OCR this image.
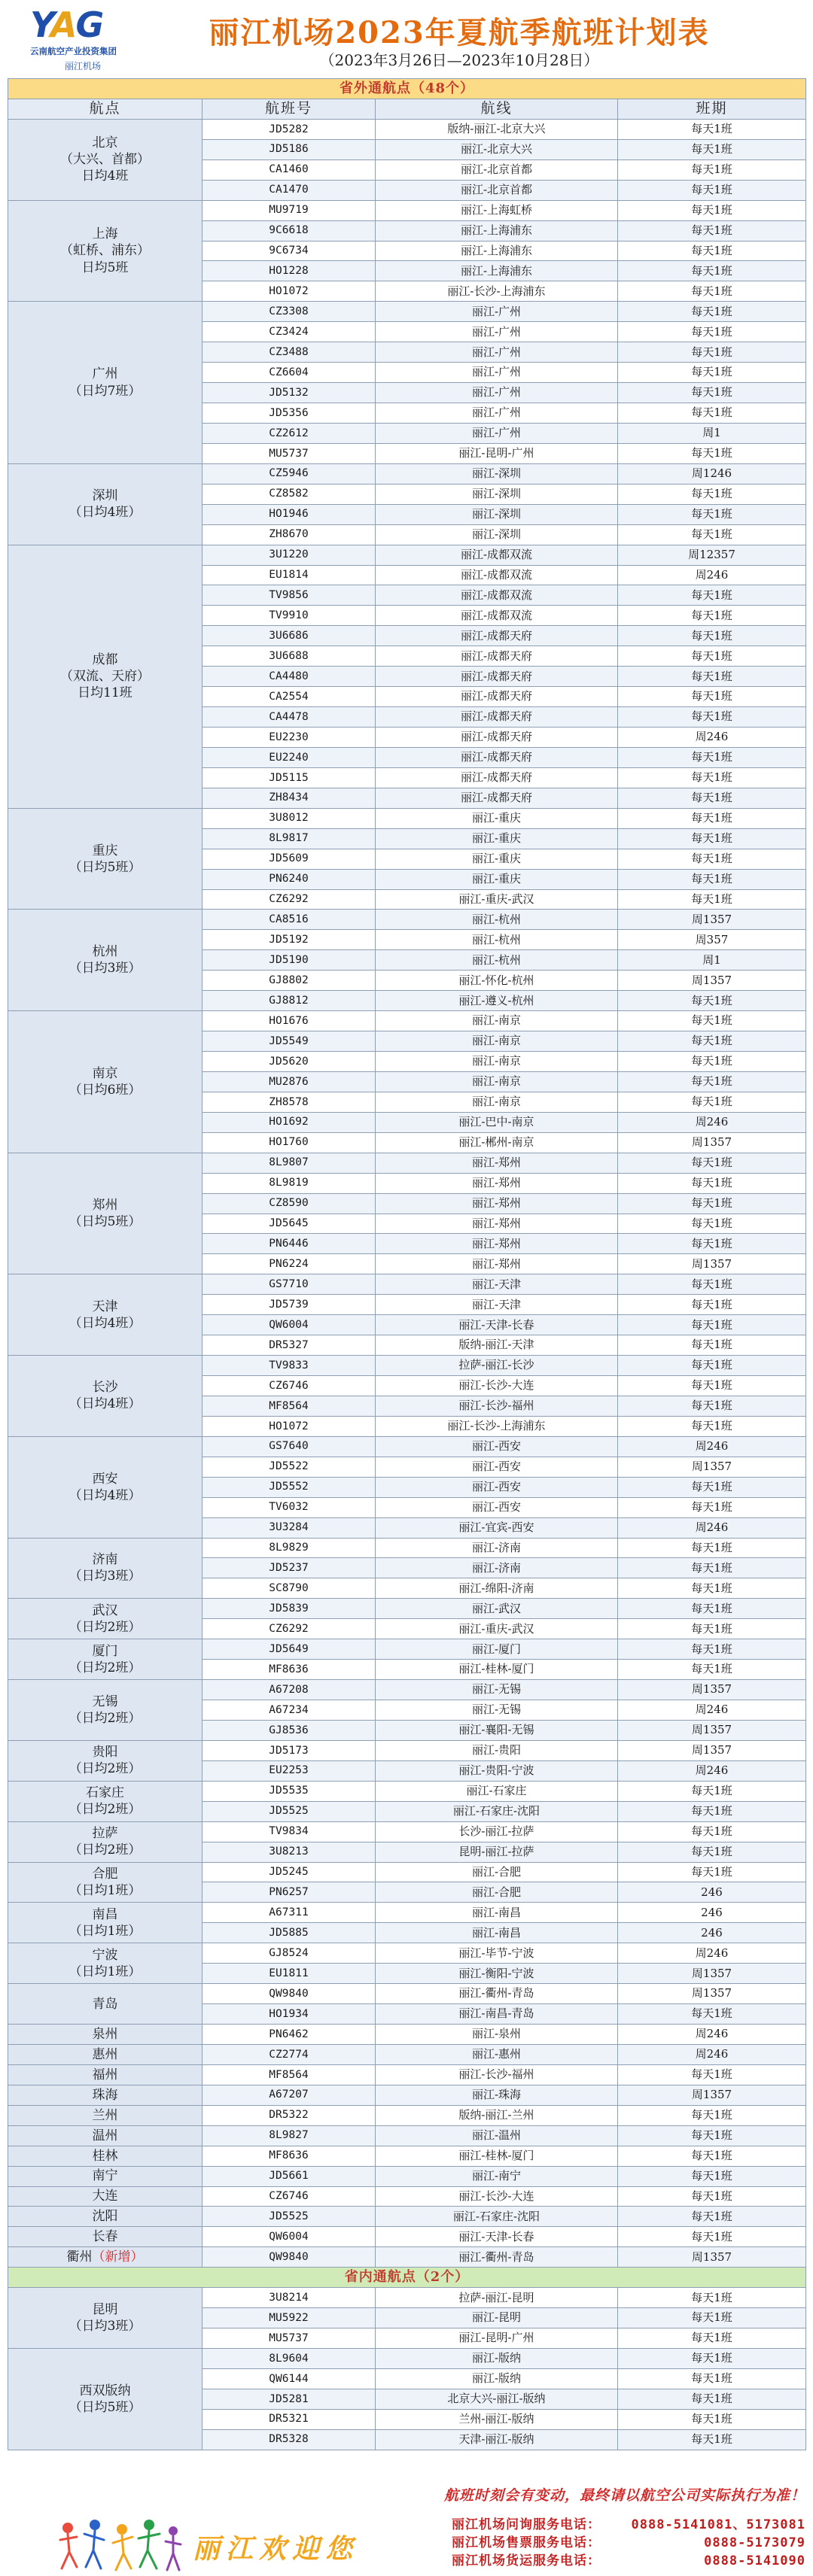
YAG
云南航空产业投资集团
丽江机场
丽江机场2023年夏航季航班计划表
（2023年3月26日—2023年10月28日）
省外通航点（48个）			
航点	航班号	航线	班期

北京
（大兴、首都）
日均4班	JD5282	版纳-丽江-北京大兴	每天1班
	JD5186	丽江-北京大兴	每天1班
	CA1460	丽江-北京首都	每天1班
	CA1470	丽江-北京首都	每天1班

上海
（虹桥、浦东）
日均5班	MU9719	丽江-上海虹桥	每天1班
	9C6618	丽江-上海浦东	每天1班
	9C6734	丽江-上海浦东	每天1班
	HO1228	丽江-上海浦东	每天1班
	HO1072	丽江-长沙-上海浦东	每天1班

广州
（日均7班）	CZ3308	丽江-广州	每天1班
	CZ3424	丽江-广州	每天1班
	CZ3488	丽江-广州	每天1班
	CZ6604	丽江-广州	每天1班
	JD5132	丽江-广州	每天1班
	JD5356	丽江-广州	每天1班
	CZ2612	丽江-广州	周1
	MU5737	丽江-昆明-广州	每天1班

深圳
（日均4班）	CZ5946	丽江-深圳	周1246
	CZ8582	丽江-深圳	每天1班
	HO1946	丽江-深圳	每天1班
	ZH8670	丽江-深圳	每天1班

成都
（双流、天府）
日均11班	3U1220	丽江-成都双流	周12357
	EU1814	丽江-成都双流	周246
	TV9856	丽江-成都双流	每天1班
	TV9910	丽江-成都双流	每天1班
	3U6686	丽江-成都天府	每天1班
	3U6688	丽江-成都天府	每天1班
	CA4480	丽江-成都天府	每天1班
	CA2554	丽江-成都天府	每天1班
	CA4478	丽江-成都天府	每天1班
	EU2230	丽江-成都天府	周246
	EU2240	丽江-成都天府	每天1班
	JD5115	丽江-成都天府	每天1班
	ZH8434	丽江-成都天府	每天1班

重庆
（日均5班）	3U8012	丽江-重庆	每天1班
	8L9817	丽江-重庆	每天1班
	JD5609	丽江-重庆	每天1班
	PN6240	丽江-重庆	每天1班
	CZ6292	丽江-重庆-武汉	每天1班

杭州
（日均3班）	CA8516	丽江-杭州	周1357
	JD5192	丽江-杭州	周357
	JD5190	丽江-杭州	周1
	GJ8802	丽江-怀化-杭州	周1357
	GJ8812	丽江-遵义-杭州	每天1班

南京
（日均6班）	HO1676	丽江-南京	每天1班
	JD5549	丽江-南京	每天1班
	JD5620	丽江-南京	每天1班
	MU2876	丽江-南京	每天1班
	ZH8578	丽江-南京	每天1班
	HO1692	丽江-巴中-南京	周246
	HO1760	丽江-郴州-南京	周1357

郑州
（日均5班）	8L9807	丽江-郑州	每天1班
	8L9819	丽江-郑州	每天1班
	CZ8590	丽江-郑州	每天1班
	JD5645	丽江-郑州	每天1班
	PN6446	丽江-郑州	每天1班
	PN6224	丽江-郑州	周1357

天津
（日均4班）	GS7710	丽江-天津	每天1班
	JD5739	丽江-天津	每天1班
	QW6004	丽江-天津-长春	每天1班
	DR5327	版纳-丽江-天津	每天1班

长沙
（日均4班）	TV9833	拉萨-丽江-长沙	每天1班
	CZ6746	丽江-长沙-大连	每天1班
	MF8564	丽江-长沙-福州	每天1班
	HO1072	丽江-长沙-上海浦东	每天1班

西安
（日均4班）	GS7640	丽江-西安	周246
	JD5522	丽江-西安	周1357
	JD5552	丽江-西安	每天1班
	TV6032	丽江-西安	每天1班
	3U3284	丽江-宜宾-西安	周246

济南
（日均3班）	8L9829	丽江-济南	每天1班
	JD5237	丽江-济南	每天1班
	SC8790	丽江-绵阳-济南	每天1班

武汉
（日均2班）	JD5839	丽江-武汉	每天1班
	CZ6292	丽江-重庆-武汉	每天1班

厦门
（日均2班）	JD5649	丽江-厦门	每天1班
	MF8636	丽江-桂林-厦门	每天1班

无锡
（日均2班）	A67208	丽江-无锡	周1357
	A67234	丽江-无锡	周246
	GJ8536	丽江-襄阳-无锡	周1357

贵阳
（日均2班）	JD5173	丽江-贵阳	周1357
	EU2253	丽江-贵阳-宁波	周246

石家庄
（日均2班）	JD5535	丽江-石家庄	每天1班
	JD5525	丽江-石家庄-沈阳	每天1班

拉萨
（日均2班）	TV9834	长沙-丽江-拉萨	每天1班
	3U8213	昆明-丽江-拉萨	每天1班

合肥
（日均1班）	JD5245	丽江-合肥	每天1班
	PN6257	丽江-合肥	246

南昌
（日均1班）	A67311	丽江-南昌	246
	JD5885	丽江-南昌	246

宁波
（日均1班）	GJ8524	丽江-毕节-宁波	周246
	EU1811	丽江-衡阳-宁波	周1357

青岛	QW9840	丽江-衢州-青岛	周1357
	HO1934	丽江-南昌-青岛	每天1班

泉州	PN6462	丽江-泉州	周246

惠州	CZ2774	丽江-惠州	周246

福州	MF8564	丽江-长沙-福州	每天1班

珠海	A67207	丽江-珠海	周1357

兰州	DR5322	版纳-丽江-兰州	每天1班

温州	8L9827	丽江-温州	每天1班

桂林	MF8636	丽江-桂林-厦门	每天1班

南宁	JD5661	丽江-南宁	每天1班

大连	CZ6746	丽江-长沙-大连	每天1班

沈阳	JD5525	丽江-石家庄-沈阳	每天1班

长春	QW6004	丽江-天津-长春	每天1班

衢州（新增）	QW9840	丽江-衢州-青岛	周1357
省内通航点（2个）			

昆明
（日均3班）	3U8214	拉萨-丽江-昆明	每天1班
	MU5922	丽江-昆明	每天1班
	MU5737	丽江-昆明-广州	每天1班

西双版纳
（日均5班）	8L9604	丽江-版纳	每天1班
	QW6144	丽江-版纳	每天1班
	JD5281	北京大兴-丽江-版纳	每天1班
	DR5321	兰州-丽江-版纳	每天1班
	DR5328	天津-丽江-版纳	每天1班
航班时刻会有变动，最终请以航空公司实际执行为准！
丽江欢迎您
丽江机场问询服务电话： 0888-5141081、5173081
丽江机场售票服务电话：	0888-5173079
丽江机场货运服务电话：	0888-5141090
